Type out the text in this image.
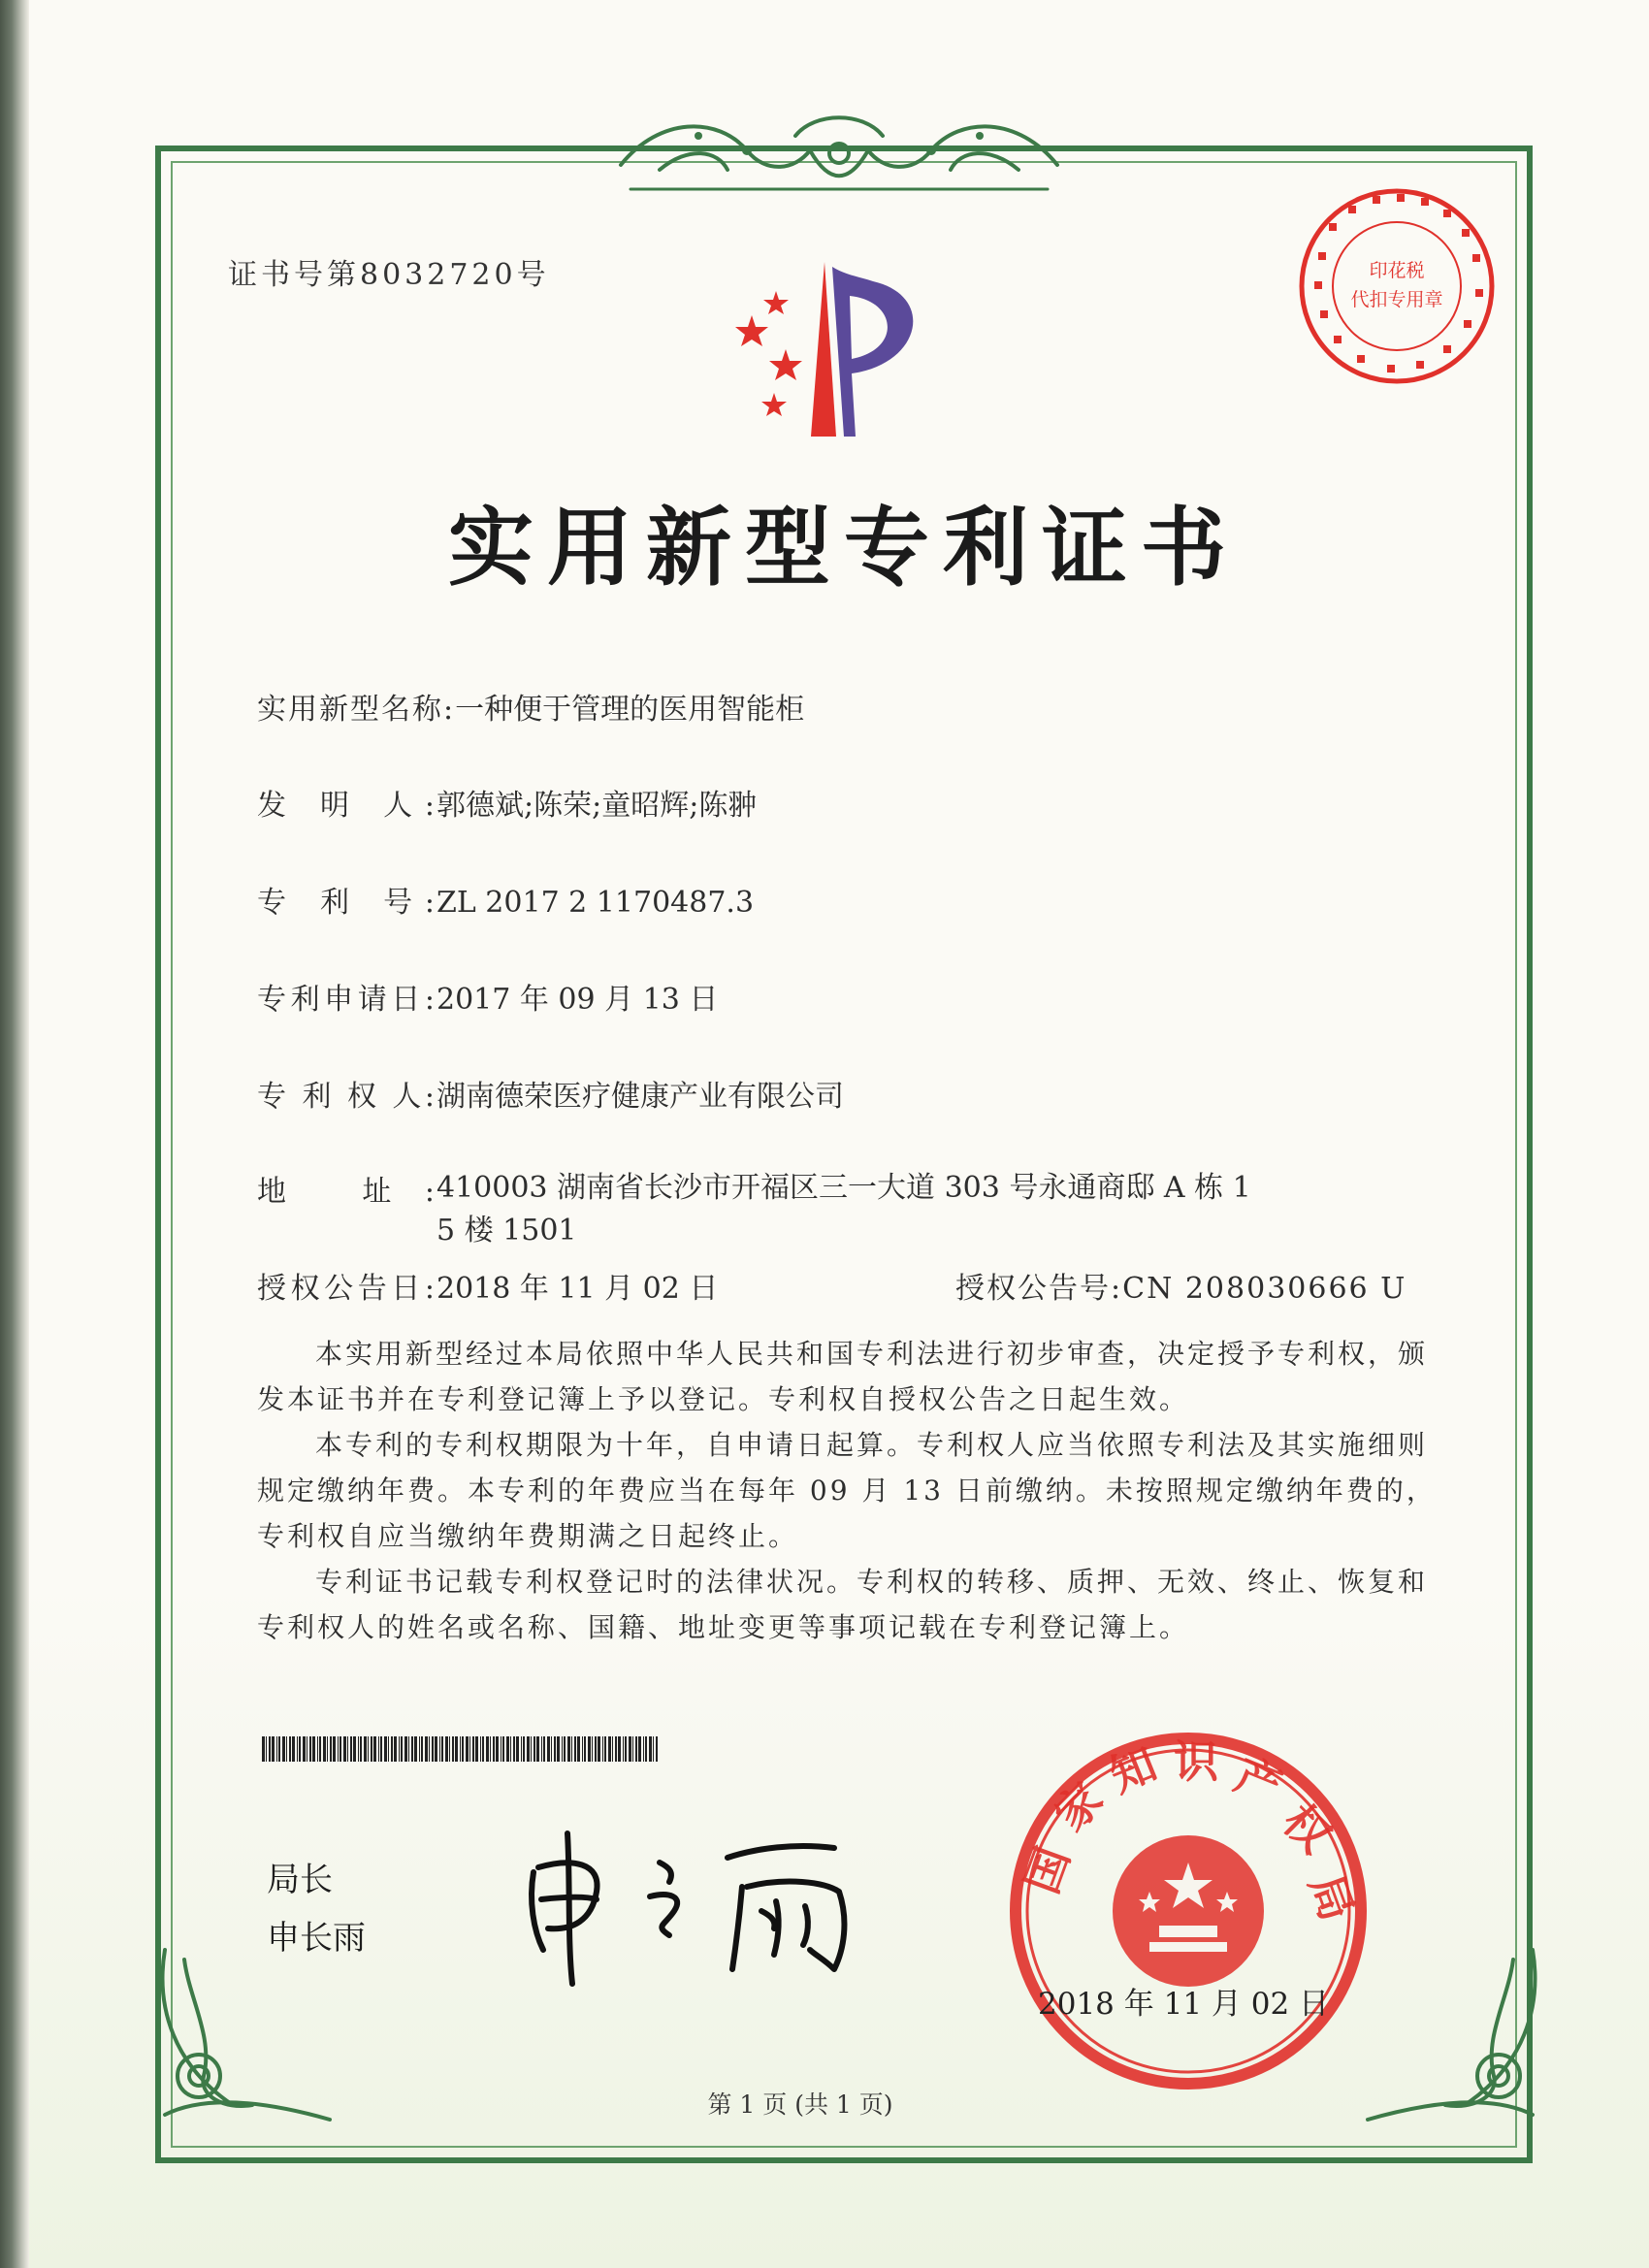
证书号第8032720号
实用新型专利证书
印花税
代扣专用章
实用新型名称:一种便于管理的医用智能柜
发 明 人:郭德斌;陈荣;童昭辉;陈翀
专 利 号:ZL 2017 2 1170487.3
专利申请日:2017 年 09 月 13 日
专 利 权 人:湖南德荣医疗健康产业有限公司
地 址:410003 湖南省长沙市开福区三一大道 303 号永通商邸 A 栋 1
5 楼 1501
授权公告日:2018 年 11 月 02 日	授权公告号:CN 208030666 U

本实用新型经过本局依照中华人民共和国专利法进行初步审查，决定授予专利权，颁发本证书并在专利登记簿上予以登记。专利权自授权公告之日起生效。

本专利的专利权期限为十年，自申请日起算。专利权人应当依照专利法及其实施细则规定缴纳年费。本专利的年费应当在每年 09 月 13 日前缴纳。未按照规定缴纳年费的，专利权自应当缴纳年费期满之日起终止。

专利证书记载专利权登记时的法律状况。专利权的转移、质押、无效、终止、恢复和专利权人的姓名或名称、国籍、地址变更等事项记载在专利登记簿上。

局长
申长雨
国
家
知 识 产
权
局
2018 年 11 月 02 日
第 1 页 (共 1 页)
